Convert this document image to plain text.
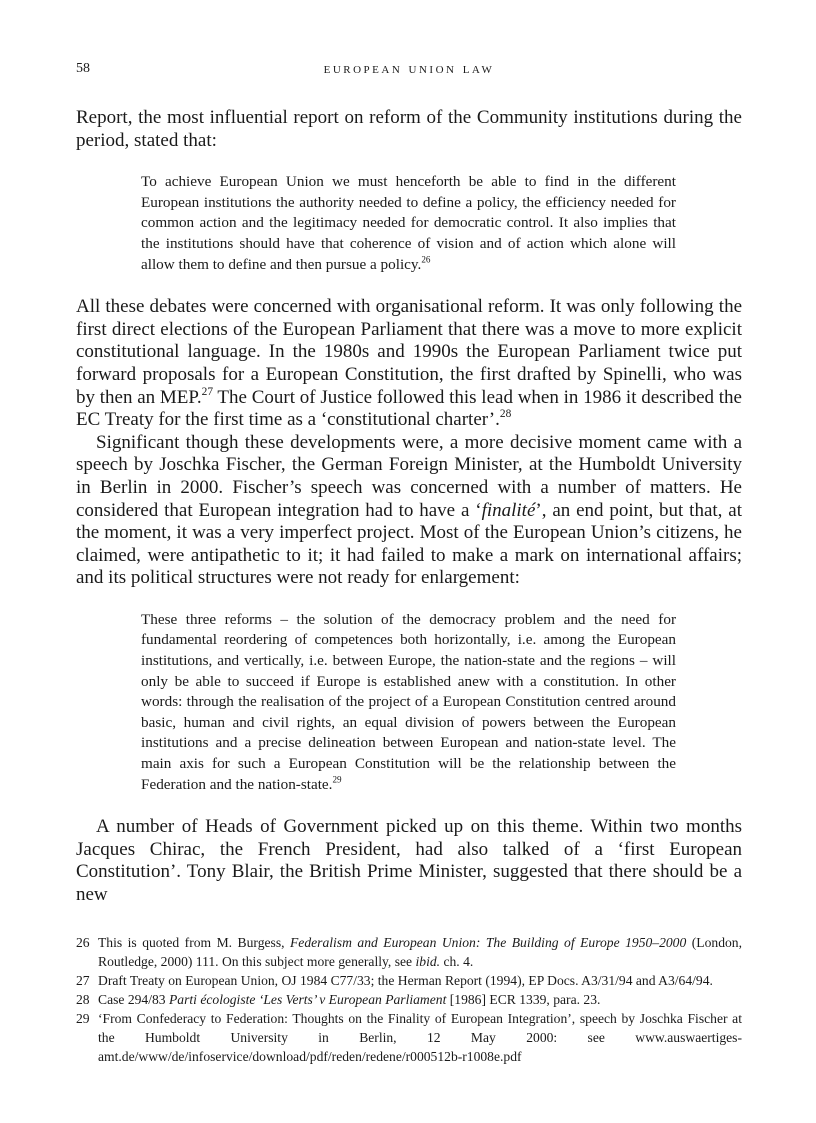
58	european union law

Report, the most influential report on reform of the Community institutions during the period, stated that:

To achieve European Union we must henceforth be able to find in the different European institutions the authority needed to define a policy, the efficiency needed for common action and the legitimacy needed for democratic control. It also implies that the institutions should have that coherence of vision and of action which alone will allow them to define and then pursue a policy.$^{26}$

All these debates were concerned with organisational reform. It was only following the first direct elections of the European Parliament that there was a move to more explicit constitutional language. In the 1980s and 1990s the European Parliament twice put forward proposals for a European Constitution, the first drafted by Spinelli, who was by then an MEP.$^{27}$ The Court of Justice followed this lead when in 1986 it described the EC Treaty for the first time as a ‘constitutional charter’.$^{28}$

Significant though these developments were, a more decisive moment came with a speech by Joschka Fischer, the German Foreign Minister, at the Humboldt University in Berlin in 2000. Fischer’s speech was concerned with a number of matters. He considered that European integration had to have a ‘finalité’, an end point, but that, at the moment, it was a very imperfect project. Most of the European Union’s citizens, he claimed, were antipathetic to it; it had failed to make a mark on international affairs; and its political structures were not ready for enlargement:

These three reforms – the solution of the democracy problem and the need for fundamental reordering of competences both horizontally, i.e. among the European institutions, and vertically, i.e. between Europe, the nation-state and the regions – will only be able to succeed if Europe is established anew with a constitution. In other words: through the realisation of the project of a European Constitution centred around basic, human and civil rights, an equal division of powers between the European institutions and a precise delineation between European and nation-state level. The main axis for such a European Constitution will be the relationship between the Federation and the nation-state.$^{29}$

A number of Heads of Government picked up on this theme. Within two months Jacques Chirac, the French President, had also talked of a ‘first European Constitution’. Tony Blair, the British Prime Minister, suggested that there should be a new

26 This is quoted from M. Burgess, Federalism and European Union: The Building of Europe 1950–2000 (London, Routledge, 2000) 111. On this subject more generally, see ibid. ch. 4.
27 Draft Treaty on European Union, OJ 1984 C77/33; the Herman Report (1994), EP Docs. A3/31/94 and A3/64/94.
28 Case 294/83 Parti écologiste ‘Les Verts’ v European Parliament [1986] ECR 1339, para. 23.
29 ‘From Confederacy to Federation: Thoughts on the Finality of European Integration’, speech by Joschka Fischer at the Humboldt University in Berlin, 12 May 2000: see www.auswaertiges-amt.de/www/de/infoservice/download/pdf/reden/redene/r000512b-r1008e.pdf
